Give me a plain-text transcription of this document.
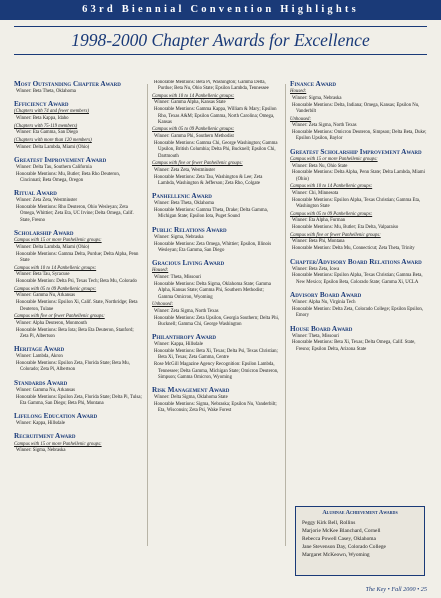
63rd Biennial Convention Highlights
1998-2000 Chapter Awards for Excellence
Most Outstanding Chapter Award
Winner: Beta Theta, Oklahoma
Efficiency Award
(Chapters with 74 and fewer members)
Winner: Beta Kappa, Idaho
(Chapters with 75-119 members)
Winner: Eta Gamma, San Diego
(Chapters with more than 120 members)
Winner: Delta Lambda, Miami (Ohio)
Greatest Improvement Award
Winner: Delta Tau, Southern California
Honorable Mentions: Mu, Butler; Beta Rho Deuteron, Cincinnati; Beta Omega, Oregon
Ritual Award
Winner: Zeta Zeta, Westminster
Honorable Mentions: Rho Deuteron, Ohio Wesleyan; Zeta Omega, Whittier; Zeta Eta, UC Irvine; Delta Omega, Calif. State, Fresno
Scholarship Award
Campus with 15 or more Panhellenic groups:
Winner: Delta Lambda, Miami (Ohio)
Honorable Mentions: Gamma Delta, Purdue; Delta Alpha, Penn State
Campus with 10 to 14 Panhellenic groups:
Winner: Beta Tau, Syracuse
Honorable Mention: Delta Psi, Texas Tech; Beta Mu, Colorado
Campus with 05 to 09 Panhellenic groups:
Winner: Gamma Nu, Arkansas
Honorable Mentions: Epsilon Xi, Calif. State, Northridge; Beta Deuteron, Tulane
Campus with five or fewer Panhellenic groups:
Winner: Alpha Deuteron, Monmouth
Honorable Mentions: Beta Iota; Beta Eta Deuteron, Stanford; Zeta Pi, Albertson
Heritage Award
Winner: Lambda, Akron
Honorable Mentions: Epsilon Zeta, Florida State; Beta Mu, Colorado; Zeta Pi, Albertson
Standards Award
Winner: Gamma Nu, Arkansas
Honorable Mentions: Epsilon Zeta, Florida State; Delta Pi, Tulsa; Eta Gamma, San Diego; Beta Phi, Montana
Lifelong Education Award
Winner: Kappa, Hillsdale
Recruitment Award
Campus with 15 or more Panhellenic groups:
Winner: Sigma, Nebraska
Honorable Mentions: Beta Pi, Washington; Gamma Delta, Purdue; Beta Nu, Ohio State; Epsilon Lambda, Tennessee
Campus with 10 to 14 Panhellenic groups:
Winner: Gamma Alpha, Kansas State
Honorable Mentions: Gamma Kappa, William & Mary; Epsilon Rho, Texas A&M; Epsilon Gamma, North Carolina; Omega, Kansas
Campus with 05 to 09 Panhellenic groups:
Winner: Gamma Phi, Southern Methodist
Honorable Mentions: Gamma Chi, George Washington; Gamma Upsilon, British Columbia; Delta Phi, Bucknell; Epsilon Chi, Dartmouth
Campus with five or fewer Panhellenic groups:
Winner: Zeta Zeta, Westminster
Honorable Mentions: Zeta Tau, Washington & Lee; Zeta Lambda, Washington & Jefferson; Zeta Rho, Colgate
Panhellenic Award
Winner: Beta Theta, Oklahoma
Honorable Mentions: Gamma Theta, Drake; Delta Gamma, Michigan State; Epsilon Iota, Puget Sound
Public Relations Award
Winner: Sigma, Nebraska
Honorable Mentions: Zeta Omega, Whittier; Epsilon, Illinois Wesleyan; Eta Gamma, San Diego
Gracious Living Award
Housed:
Winner: Theta, Missouri
Honorable Mentions: Delta Sigma, Oklahoma State; Gamma Alpha, Kansas State; Gamma Phi, Southern Methodist; Gamma Omicron, Wyoming
Unhoused:
Winner: Zeta Sigma, North Texas
Honorable Mentions: Zeta Upsilon, Georgia Southern; Delta Phi, Bucknell; Gamma Chi, George Washington
Philanthropy Award
Winner: Kappa, Hillsdale
Honorable Mentions: Beta Xi, Texas; Delta Psi, Texas Christian; Beta Xi, Texas; Zeta Gamma, Centre
Rose McGill Magazine Agency Recognition: Epsilon Lambda, Tennessee; Delta Gamma, Michigan State; Omicron Deuteron, Simpson; Gamma Omicron, Wyoming
Risk Management Award
Winner: Delta Sigma, Oklahoma State
Honorable Mentions: Sigma, Nebraska; Epsilon Nu, Vanderbilt; Eta, Wisconsin; Zeta Psi, Wake Forest
Finance Award
Housed:
Winner: Sigma, Nebraska
Honorable Mentions: Delta, Indiana; Omega, Kansas; Epsilon Nu, Vanderbilt
Unhoused:
Winner: Zeta Sigma, North Texas
Honorable Mentions: Omicron Deuteron, Simpson; Delta Beta, Duke; Epsilon Upsilon, Baylor
Greatest Scholarship Improvement Award
Campus with 15 or more Panhellenic groups:
Winner: Beta Nu, Ohio State
Honorable Mentions: Delta Alpha, Penn State; Delta Lambda, Miami (Ohio)
Campus with 10 to 14 Panhellenic groups:
Winner: Chi, Minnesota
Honorable Mentions: Epsilon Alpha, Texas Christian; Gamma Eta, Washington State
Campus with 05 to 09 Panhellenic groups:
Winner: Eta Alpha, Furman
Honorable Mentions: Mu, Butler; Eta Delta, Valparaiso
Campus with five or fewer Panhellenic groups:
Winner: Beta Phi, Montana
Honorable Mention: Delta Mu, Connecticut; Zeta Theta, Trinity
Chapter/Advisory Board Relations Award
Winner: Beta Zeta, Iowa
Honorable Mentions: Epsilon Alpha, Texas Christian; Gamma Beta, New Mexico; Epsilon Beta, Colorado State; Gamma Xi, UCLA
Advisory Board Award
Winner: Alpha Nu, Virginia Tech
Honorable Mention: Delta Zeta, Colorado College; Epsilon Epsilon, Emory
House Board Award
Winner: Theta, Missouri
Honorable Mentions: Beta Xi, Texas; Delta Omega, Calif. State, Fresno; Epsilon Delta, Arizona State
Alumnae Achievement Awards
Peggy Kirk Bell, Rollins
Marjorie McKee Blanchard, Cornell
Rebecca Powell Casey, Oklahoma
Jane Stevenson Day, Colorado College
Margaret McKeown, Wyoming
The Key • Fall 2000 • 25
